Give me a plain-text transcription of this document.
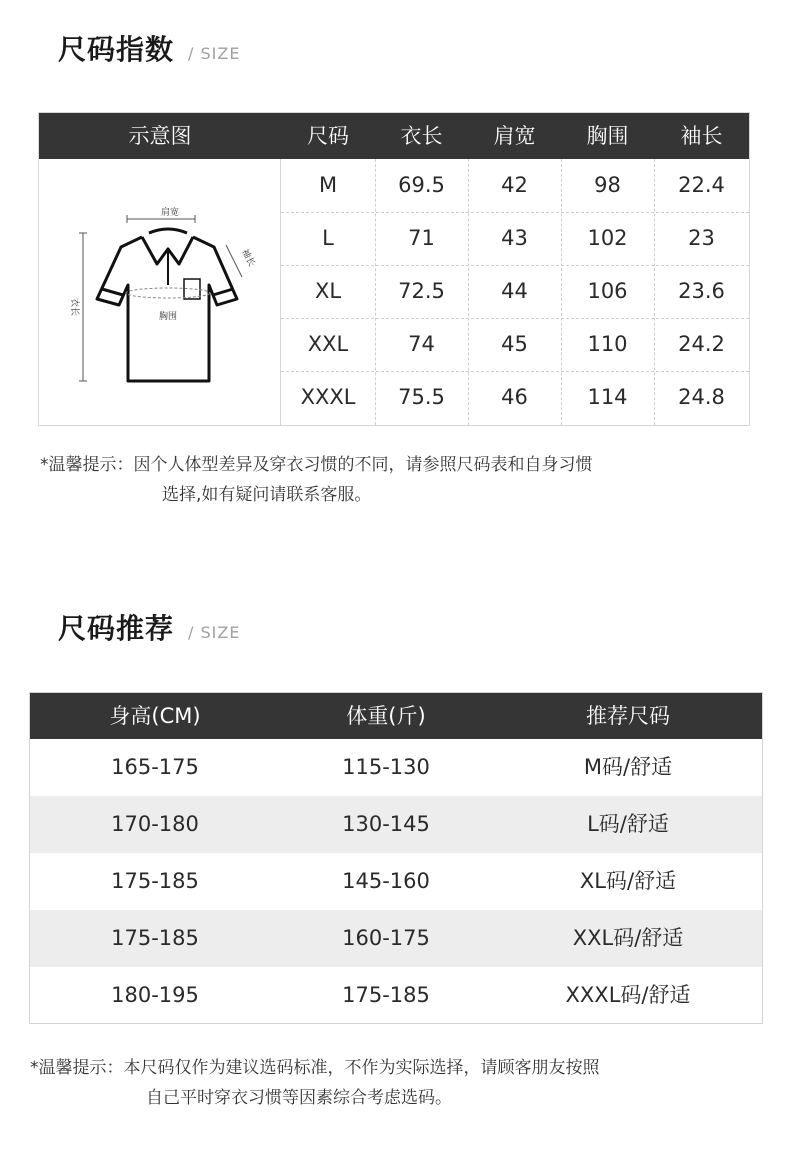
尺码指数 / SIZE
示意图	尺码	衣长	肩宽	胸围	袖长
肩宽
衣长
袖长
胸围
M	69.5	42	98	22.4
L	71	43	102	23
XL	72.5	44	106	23.6
XXL	74	45	110	24.2
XXXL	75.5	46	114	24.8
*温馨提示：因个人体型差异及穿衣习惯的不同，请参照尺码表和自身习惯
选择,如有疑问请联系客服。
尺码推荐 / SIZE
身高(CM)	体重(斤)	推荐尺码
165-175	115-130	M码/舒适
170-180	130-145	L码/舒适
175-185	145-160	XL码/舒适
175-185	160-175	XXL码/舒适
180-195	175-185	XXXL码/舒适
*温馨提示：本尺码仅作为建议选码标准，不作为实际选择，请顾客朋友按照
自己平时穿衣习惯等因素综合考虑选码。
